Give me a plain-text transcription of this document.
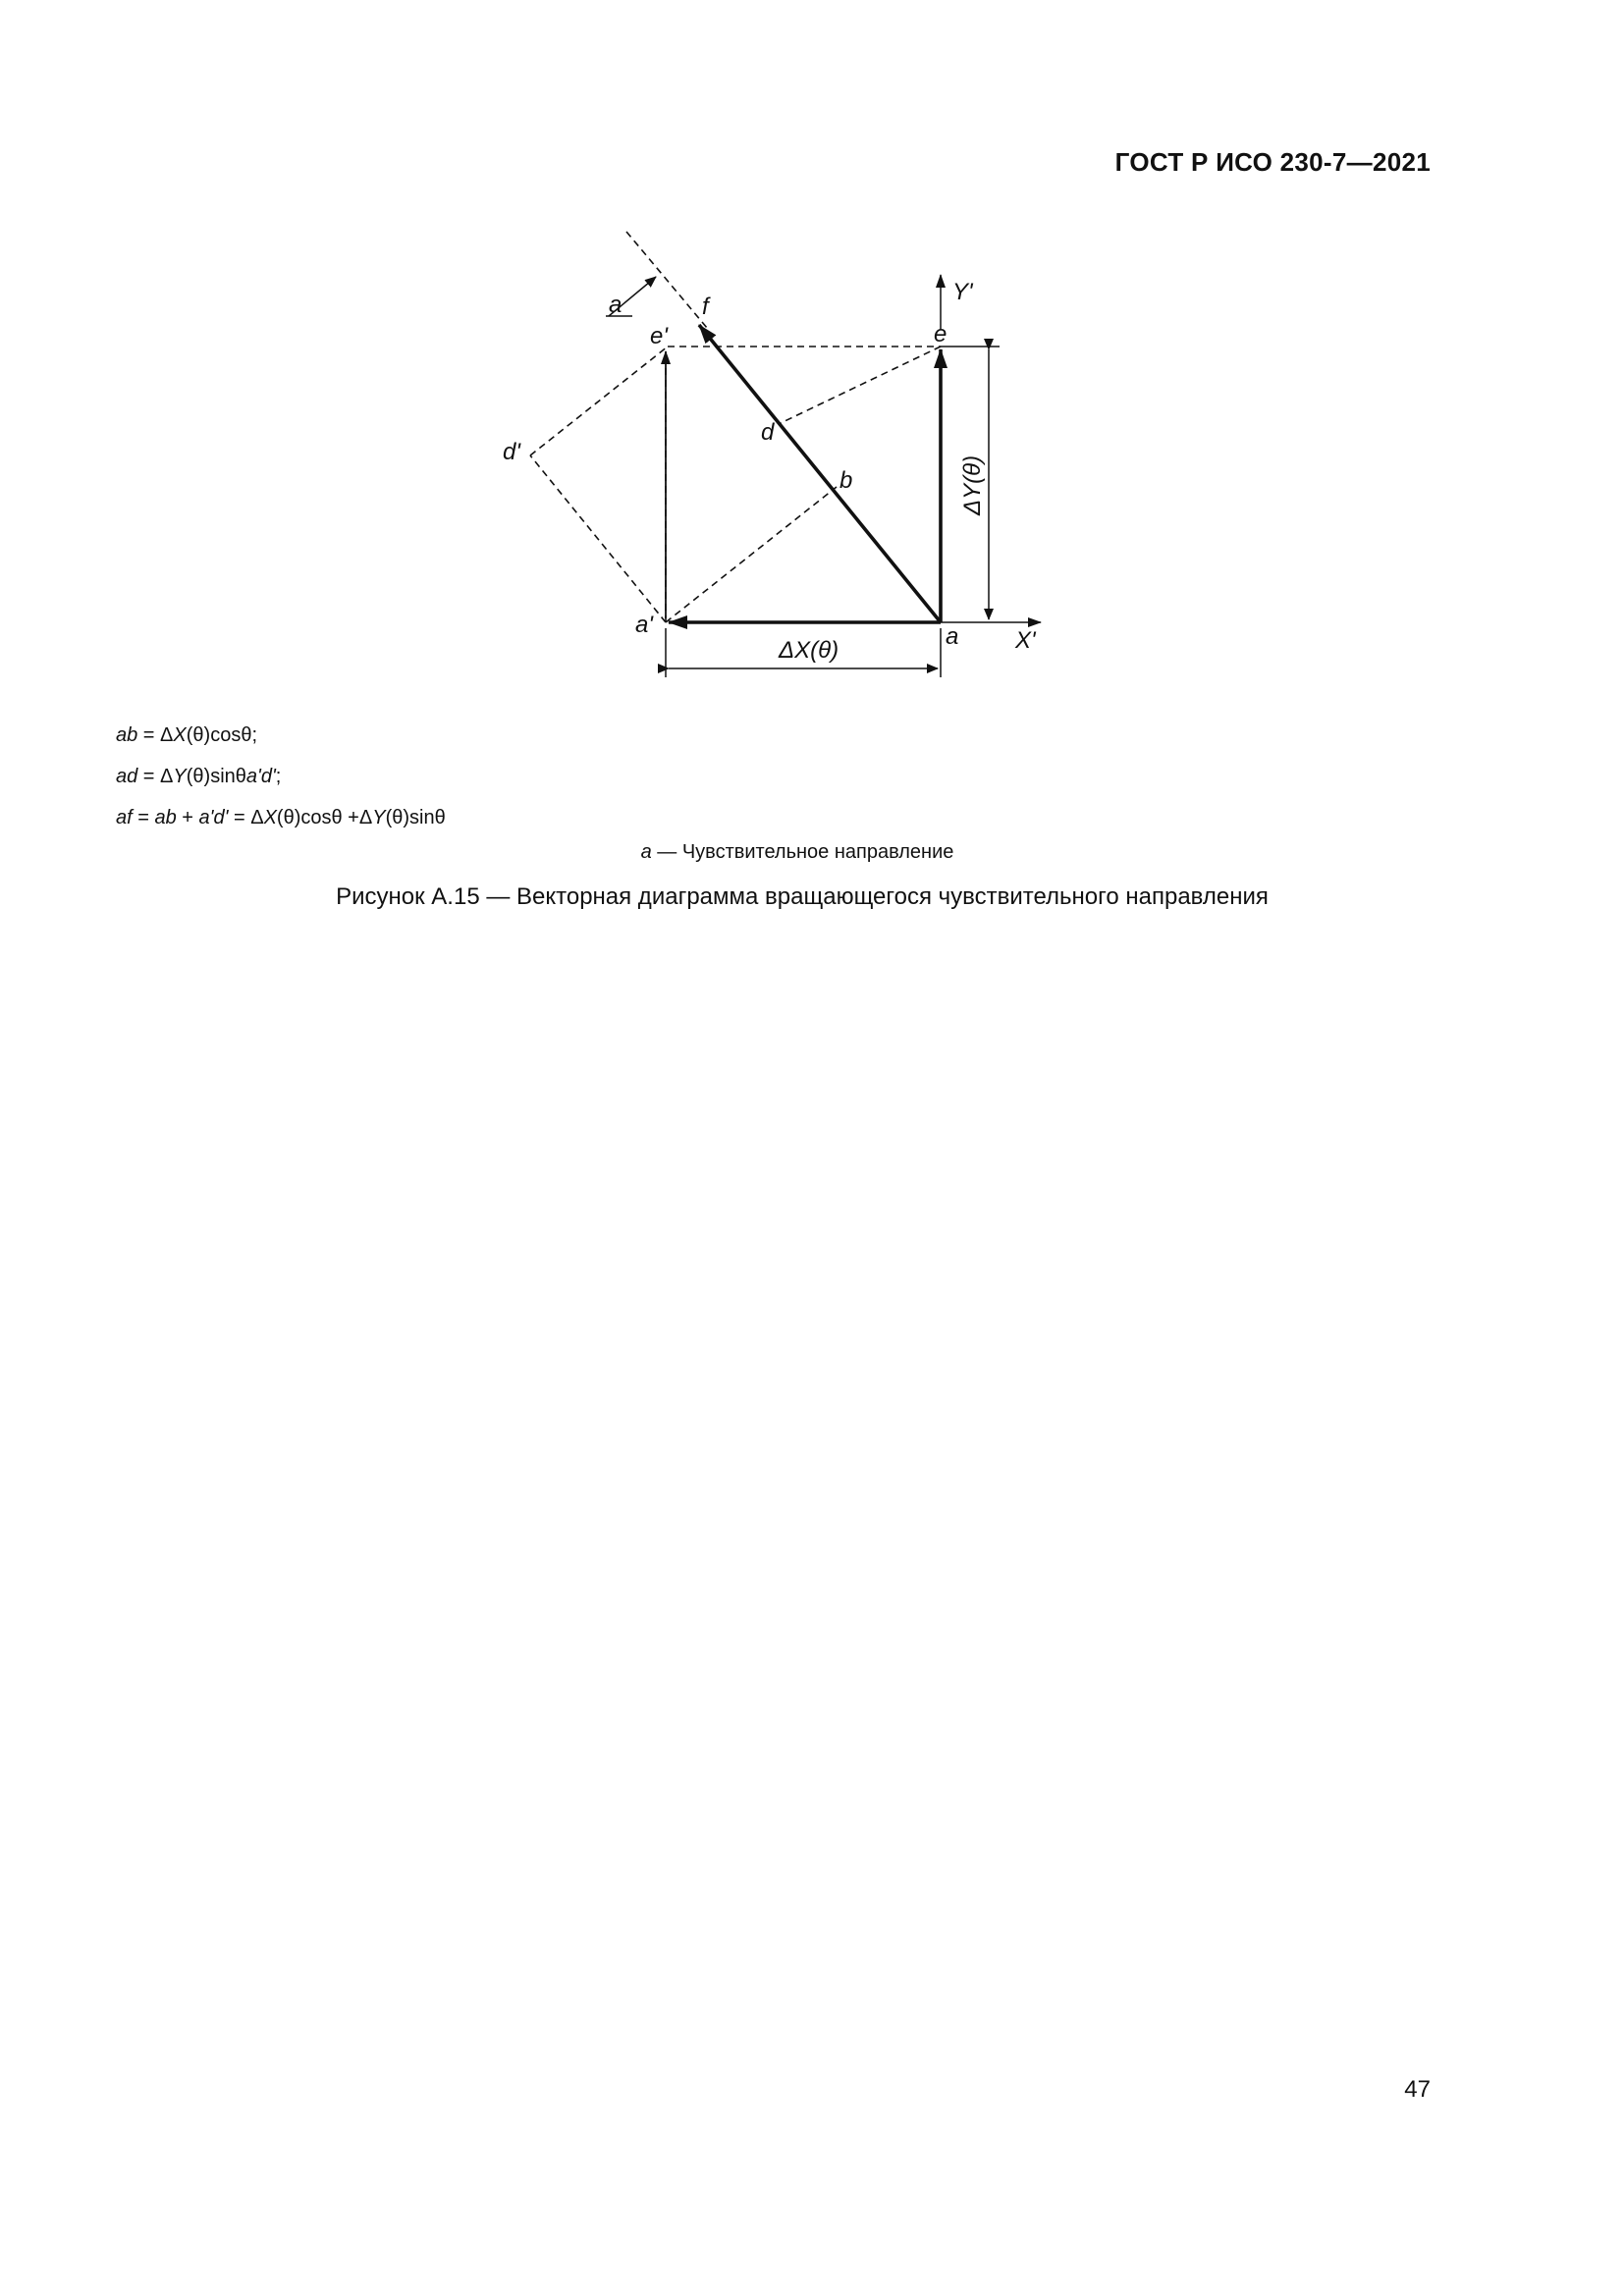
ГОСТ Р ИСО 230-7—2021
a	f
e'	e
Y'
d'
d
b
a'	a X'
ΔX(θ)
ΔY(θ)
ab = ΔX(θ)cosθ;
ad = ΔY(θ)sinθa'd';
af = ab + a'd' = ΔX(θ)cosθ +ΔY(θ)sinθ
a — Чувствительное направление
Рисунок А.15 — Векторная диаграмма вращающегося чувствительного направления
47
